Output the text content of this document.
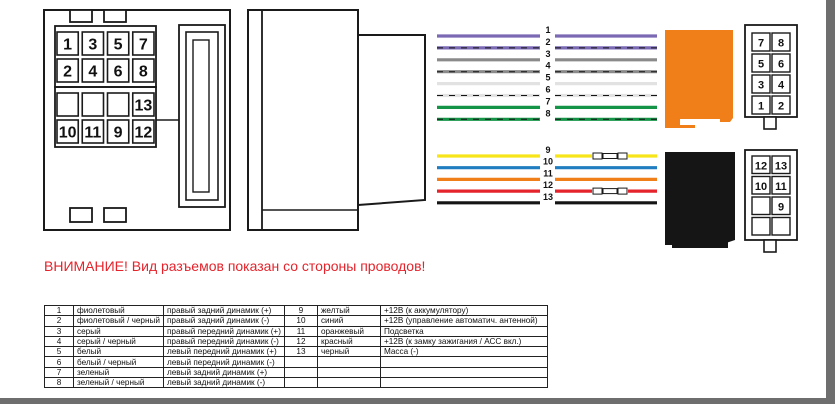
1 3 5 7
2 4 6 8
13
10 11 9 12
1
2
3
4
5
6
7
8
9
10
11
12
13
7 8
5 6
3 4
1 2
12 13
10 11
9
ВНИМАНИЕ! Вид разъемов показан со стороны проводов!
1	фиолетовый	правый задний динамик (+)	9	желтый	+12В (к аккумулятору)
2	фиолетовый / черный	правый задний динамик (-)	10	синий	+12В (управление автоматич. антенной)
3	серый	правый передний динамик (+)	11	оранжевый	Подсветка
4	серый / черный	правый передний динамик (-)	12	красный	+12В (к замку зажигания / АСС вкл.)
5	белый	левый передний динамик (+)	13	черный	Масса (-)
6	белый / черный	левый передний динамик (-)			
7	зеленый	левый задний динамик (+)			
8	зеленый / черный	левый задний динамик (-)			
